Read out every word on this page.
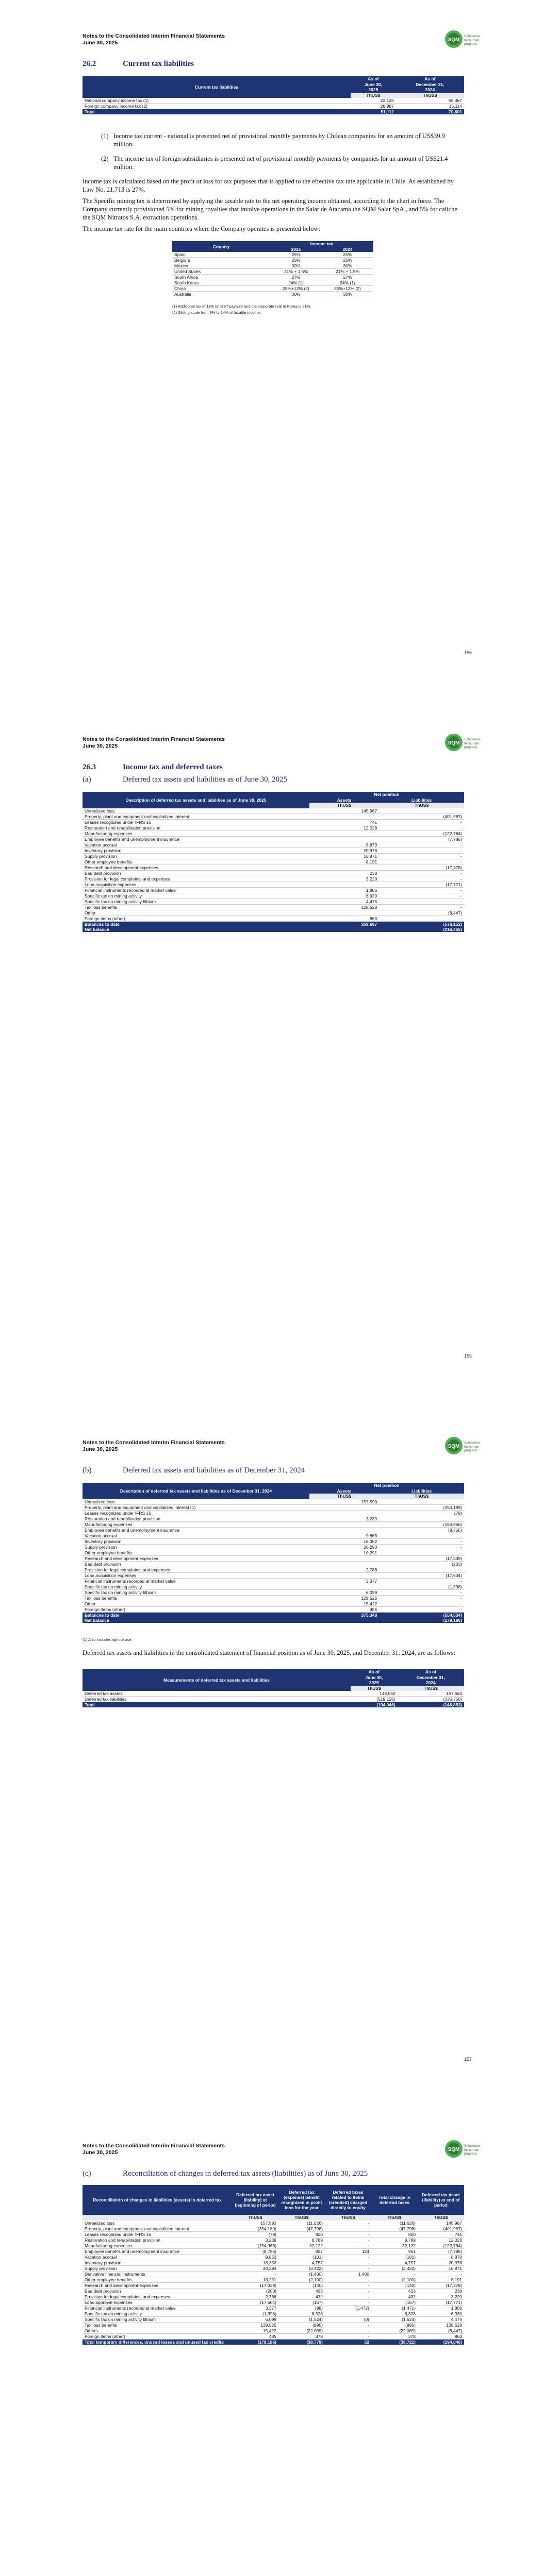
Notes to the Consolidated Interim Financial Statements
June 30, 2025	SQM
Soluciones
for human
progress
26.2	Current tax liabilities
Current tax liabilities	As of	As of
	June 30,	December 31,
	2025	2024
	ThUS$	ThUS$
National company income tax (1)	22,125	55,487
Foreign company income tax (2)	28,987	15,114
Total	51,112	70,601
(1) Income tax current - national is presented net of provisional monthly payments by Chilean companies for an amount of US$39.9 million.
(2) The income tax of foreign subsidiaries is presented net of provisional monthly payments by companies for an amount of US$21.4 million.
Income tax is calculated based on the profit or loss for tax purposes that is applied to the effective tax rate applicable in Chile. As established by Law No. 21,713 is 27%.
The Specific mining tax is determined by applying the taxable rate to the net operating income obtained, according to the chart in force. The Company currently provisioned 5% for mining royalties that involve operations in the Salar de Atacama the SQM Salar SpA., and 5% for caliche the SQM Nitratos S.A. extraction operations.
The income tax rate for the main countries where the Company operates is presented below:
Country	Income tax	
	2025	2024
Spain	25%	25%
Belgium	25%	25%
Mexico	30%	30%
United States	21% + 1.5%	21% + 1.5%
South Africa	27%	27%
South Korea	24% (1)	24% (1)
China	25%+12% (2)	25%+12% (2)
Australia	30%	30%
(1) Additional tax of 11% on GST payable and the corporate rate in Korea is 21%.
(2) Sliding scale from 9% to 14% of taxable income.
155
Notes to the Consolidated Interim Financial Statements
June 30, 2025	SQM
Soluciones
for human
progress
26.3	Income tax and deferred taxes
(a)	Deferred tax assets and liabilities as of June 30, 2025
Description of deferred tax assets and liabilities as of June 30, 2025	Net position	
	Assets	Liabilities
	ThUS$	ThUS$
Unrealized loss	145,967	
Property, plant and equipment and capitalized interest		(401,987)
Leases recognized under IFRS 16	741	-
Restoration and rehabilitation provision	12,028	-
Manufacturing expenses		(122,784)
Employee benefits and unemployment insurance		(7,785)
Vacation accrual	8,870	-
Inventory provision	20,978	-
Supply provision	16,871	-
Other employee benefits	8,191	-
Research and development expenses		(17,378)
Bad debt provision	230	-
Provision for legal complaints and expenses	3,220	-
Loan acquisition expenses		(17,771)
Financial instruments recorded at market value	1,806	-
Specific tax on mining activity	6,930	-
Specific tax on mining activity lithium	4,475	-
Tax loss benefits	128,528	-
Other		(8,447)
Foreign items (other)	863	-
Balances to date	359,697	(576,152)
Net balance		(216,455)
156
Notes to the Consolidated Interim Financial Statements
June 30, 2025	SQM
Soluciones
for human
progress
(b)	Deferred tax assets and liabilities as of December 31, 2024
Description of deferred tax assets and liabilities as of December 31, 2024	Net position	
	Assets	Liabilities
	ThUS$	ThUS$
Unrealized loss	157,593	
Property, plant and equipment and capitalized interest (1)		(354,189)
Leases recognized under IFRS 16		(79)
Restoration and rehabilitation provision	3,239	-
Manufacturing expenses		(154,966)
Employee benefits and unemployment insurance		(8,756)
Vacation accrual	9,863	-
Inventory provision	16,352	-
Supply provision	20,293	-
Other employee benefits	10,291	-
Research and development expenses		(17,339)
Bad debt provision		(203)
Provision for legal complaints and expenses	2,788	-
Loan acquisition expenses		(17,604)
Financial instruments recorded at market value	3,377	-
Specific tax on mining activity		(1,398)
Specific tax on mining activity lithium	6,099	-
Tax loss benefits	129,525	-
Other	15,422	-
Foreign items (other)	485	-
Balances to date	375,348	(554,534)
Net balance		(179,186)
(1) Also includes right of use.
Deferred tax assets and liabilities in the consolidated statement of financial position as of June 30, 2025, and December 31, 2024, are as follows:
Measurements of deferred tax assets and liabilities	As of	As of
	June 30,	December 31,
	2025	2024
	ThUS$	ThUS$
Deferred tax assets	149,062	157,564
Deferred tax liabilities	(519,126)	(336,750)
Total	(194,046)	(146,853)
157
Notes to the Consolidated Interim Financial Statements
June 30, 2025	SQM
Soluciones
for human
progress
(c)	Reconciliation of changes in deferred tax assets (liabilities) as of June 30, 2025
Reconciliation of changes in liabilities (assets) in deferred tax	Deferred tax asset (liability) at beginning of period	Deferred tax (expense) benefit recognized in profit loss for the year	Deferred taxes related to items (credited) charged directly to equity	Total change in deferred taxes	Deferred tax asset (liability) at end of period
	ThUS$	ThUS$	ThUS$	ThUS$	ThUS$
Unrealized loss	157,593	(11,626)	-	(11,626)	145,967
Property, plant and equipment and capitalized interest	(354,189)	(47,798)	-	(47,798)	(401,987)
Leases recognized under IFRS 16	(79)	820	-	820	741
Restoration and rehabilitation provision	3,239	8,789	-	8,789	12,028
Manufacturing expenses	(154,966)	32,122	-	32,122	(122,784)
Employee benefits and unemployment insurance	(8,756)	827	124	951	(7,785)
Vacation accrual	9,863	(101)	-	(101)	8,870
Inventory provision	16,352	4,757	-	4,757	20,978
Supply provision	20,293	(3,422)	-	(3,422)	16,871
Derivative financial instruments	-	(1,400)	1,400	-	-
Other employee benefits	10,291	(2,100)	-	(2,100)	8,191
Research and development expenses	(17,339)	(140)	-	(140)	(17,378)
Bad debt provision	(203)	433	-	433	230
Provision for legal complaints and expenses	2,788	432	-	432	3,220
Loan approval expenses	(17,604)	(167)	-	(167)	(17,771)
Financial instruments recorded at market value	3,377	(99)	(1,472)	(1,471)	1,806
Specific tax on mining activity	(1,398)	8,328	-	8,328	6,930
Specific tax on mining activity lithium	6,099	(1,624)	(0)	(1,624)	4,475
Tax loss benefits	129,525	(995)	-	(995)	128,528
Others	15,422	(22,069)	-	(22,069)	(8,447)
Foreign items (other)	485	378	-	378	863
Total temporary differences, unused losses and unused tax credits	(179,186)	(38,779)	52	(38,721)	(194,046)
